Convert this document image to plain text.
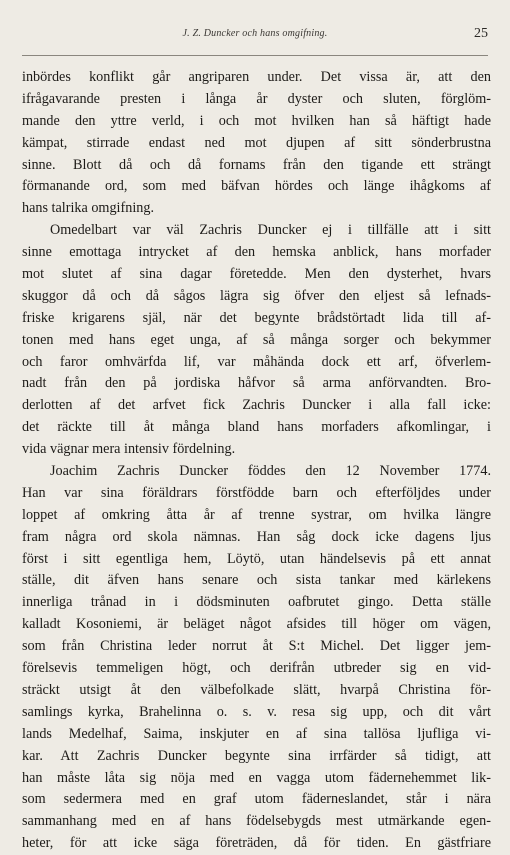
J. Z. Duncker och hans omgifning.	25
inbördes konflikt går angriparen under. Det vissa är, att den
ifrågavarande presten i långa år dyster och sluten, förglöm-
mande den yttre verld, i och mot hvilken han så häftigt hade
kämpat, stirrade endast ned mot djupen af sitt sönderbrustna
sinne. Blott då och då fornams från den tigande ett strängt
förmanande ord, som med bäfvan hördes och länge ihågkoms af
hans talrika omgifning.
Omedelbart var väl Zachris Duncker ej i tillfälle att i sitt
sinne emottaga intrycket af den hemska anblick, hans morfader
mot slutet af sina dagar företedde. Men den dysterhet, hvars
skuggor då och då sågos lägra sig öfver den eljest så lefnads-
friske krigarens själ, när det begynte brådstörtadt lida till af-
tonen med hans eget unga, af så många sorger och bekymmer
och faror omhvärfda lif, var måhända dock ett arf, öfverlem-
nadt från den på jordiska håfvor så arma anförvandten. Bro-
derlotten af det arfvet fick Zachris Duncker i alla fall icke:
det räckte till åt många bland hans morfaders afkomlingar, i
vida vägnar mera intensiv fördelning.
Joachim Zachris Duncker föddes den 12 November 1774.
Han var sina föräldrars förstfödde barn och efterföljdes under
loppet af omkring åtta år af trenne systrar, om hvilka längre
fram några ord skola nämnas. Han såg dock icke dagens ljus
först i sitt egentliga hem, Löytö, utan händelsevis på ett annat
ställe, dit äfven hans senare och sista tankar med kärlekens
innerliga trånad in i dödsminuten oafbrutet gingo. Detta ställe
kalladt Kosoniemi, är beläget något afsides till höger om vägen,
som från Christina leder norrut åt S:t Michel. Det ligger jem-
förelsevis temmeligen högt, och derifrån utbreder sig en vid-
sträckt utsigt åt den välbefolkade slätt, hvarpå Christina för-
samlings kyrka, Brahelinna o. s. v. resa sig upp, och dit vårt
lands Medelhaf, Saima, inskjuter en af sina tallösa ljufliga vi-
kar. Att Zachris Duncker begynte sina irrfärder så tidigt, att
han måste låta sig nöja med en vagga utom fädernehemmet lik-
som sedermera med en graf utom fäderneslandet, står i nära
sammanhang med en af hans födelsebygds mest utmärkande egen-
heter, för att icke säga företräden, då för tiden. En gästfriare
